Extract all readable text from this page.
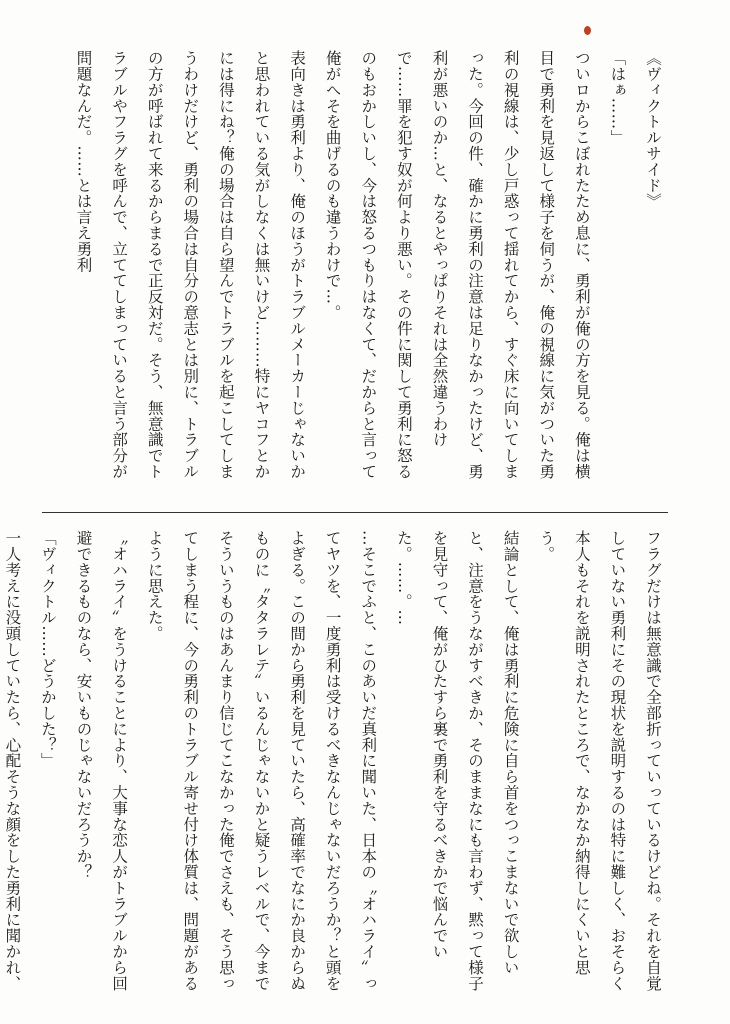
《ヴィクトルサイド》

「はぁ……」

ついロからこぼれたため息に、勇利が俺の方を見る。俺は横目で勇利を見返して様子を伺うが、俺の視線に気がついた勇利の視線は、少し戸惑って揺れてから、すぐ床に向いてしまった。今回の件、確かに勇利の注意は足りなかったけど、勇利が悪いのか…と、なるとやっぱりそれは全然違うわけで……罪を犯す奴が何より悪い。その件に関して勇利に怒るのもおかしいし、今は怒るつもりはなくて、だからと言って俺がへそを曲げるのも違うわけで…。

表向きは勇利より、俺のほうがトラブルメーカーじゃないかと思われている気がしなくは無いけど………特にヤコフとかには得にね？俺の場合は自ら望んでトラブルを起こしてしまうわけだけど、勇利の場合は自分の意志とは別に、トラブルの方が呼ばれて来るからまるで正反対だ。そう、無意識でトラブルやフラグを呼んで、立ててしまっていると言う部分が問題なんだ。……とは言え勇利

フラグだけは無意識で全部折っていっているけどね。それを自覚していない勇利にその現状を説明するのは特に難しく、おそらく本人もそれを説明されたところで、なかなか納得しにくいと思う。

結論として、俺は勇利に危険に自ら首をつっこまないで欲しいと、注意をうながすべきか、そのままなにも言わず、黙って様子を見守って、俺がひたすら裏で勇利を守るべきかで悩んでいた。……。…

…そこでふと、このあいだ真利に聞いた、日本の〝オハライ〟ってヤツを、一度勇利は受けるべきなんじゃないだろうか？と頭をよぎる。この間から勇利を見ていたら、高確率でなにか良からぬものに〝タタラレテ〟いるんじゃないかと疑うレベルで、今までそういうものはあんまり信じてこなかった俺でさえも、そう思ってしまう程に、今の勇利のトラブル寄せ付け体質は、問題があるように思えた。

〝オハライ〟をうけることにより、大事な恋人がトラブルから回避できるものなら、安いものじゃないだろうか？

「ヴィクトル……どうかした？」

一人考えに没頭していたら、心配そうな顔をした勇利に聞かれ、
